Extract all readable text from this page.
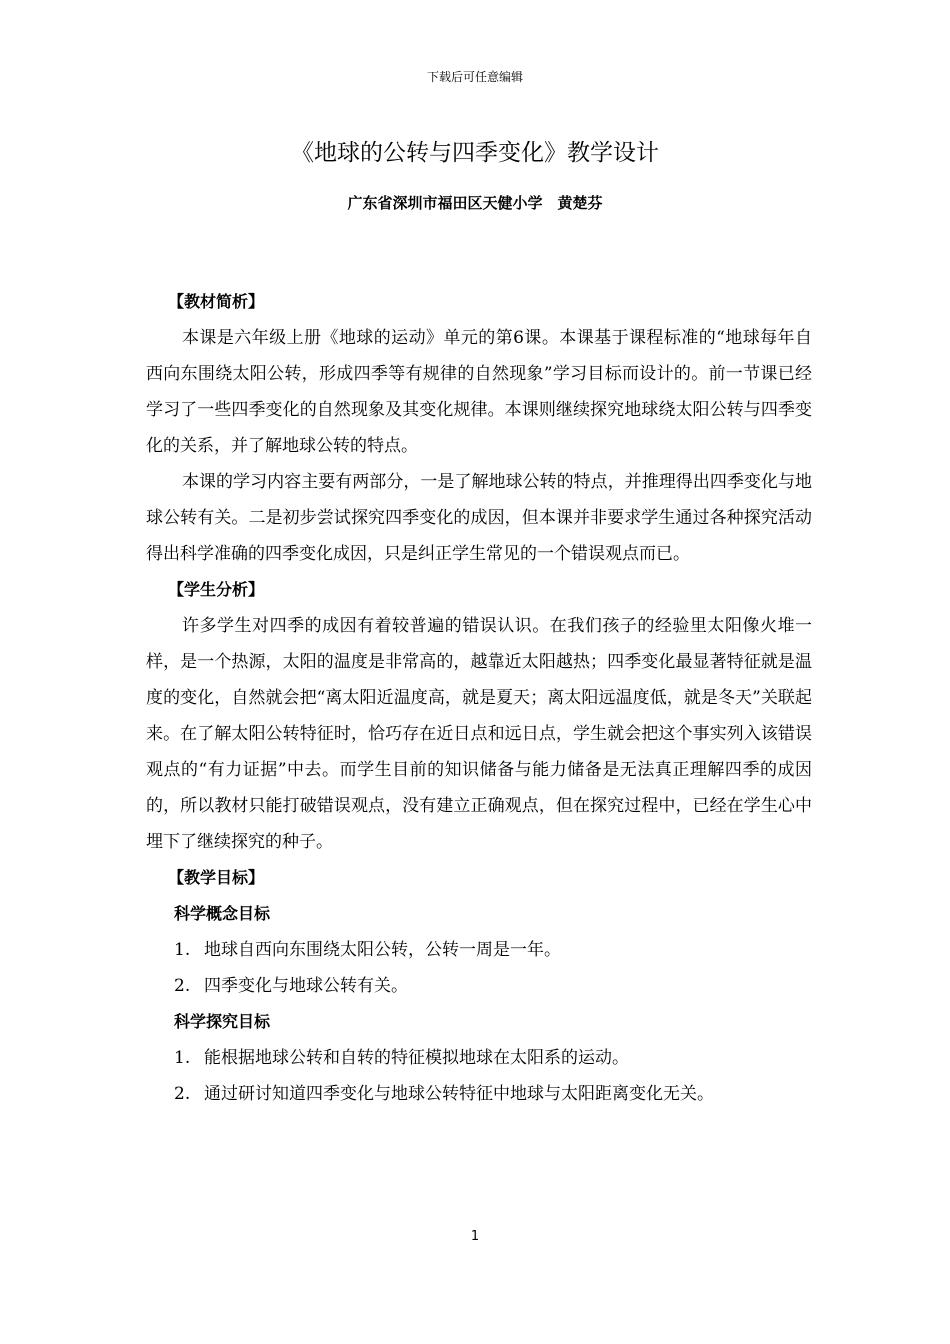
下载后可任意编辑
《地球的公转与四季变化》教学设计
广东省深圳市福田区天健小学　黄楚芬
【教材简析】

本课是六年级上册《地球的运动》单元的第6课。本课基于课程标准的“地球每年自西向东围绕太阳公转，形成四季等有规律的自然现象”学习目标而设计的。前一节课已经学习了一些四季变化的自然现象及其变化规律。本课则继续探究地球绕太阳公转与四季变化的关系，并了解地球公转的特点。

本课的学习内容主要有两部分，一是了解地球公转的特点，并推理得出四季变化与地球公转有关。二是初步尝试探究四季变化的成因，但本课并非要求学生通过各种探究活动得出科学准确的四季变化成因，只是纠正学生常见的一个错误观点而已。

【学生分析】

许多学生对四季的成因有着较普遍的错误认识。在我们孩子的经验里太阳像火堆一样，是一个热源，太阳的温度是非常高的，越靠近太阳越热；四季变化最显著特征就是温度的变化，自然就会把“离太阳近温度高，就是夏天；离太阳远温度低，就是冬天”关联起来。在了解太阳公转特征时，恰巧存在近日点和远日点，学生就会把这个事实列入该错误观点的“有力证据”中去。而学生目前的知识储备与能力储备是无法真正理解四季的成因的，所以教材只能打破错误观点，没有建立正确观点，但在探究过程中，已经在学生心中埋下了继续探究的种子。

【教学目标】
科学概念目标
1. 地球自西向东围绕太阳公转，公转一周是一年。
2. 四季变化与地球公转有关。
科学探究目标
1. 能根据地球公转和自转的特征模拟地球在太阳系的运动。
2. 通过研讨知道四季变化与地球公转特征中地球与太阳距离变化无关。
1
